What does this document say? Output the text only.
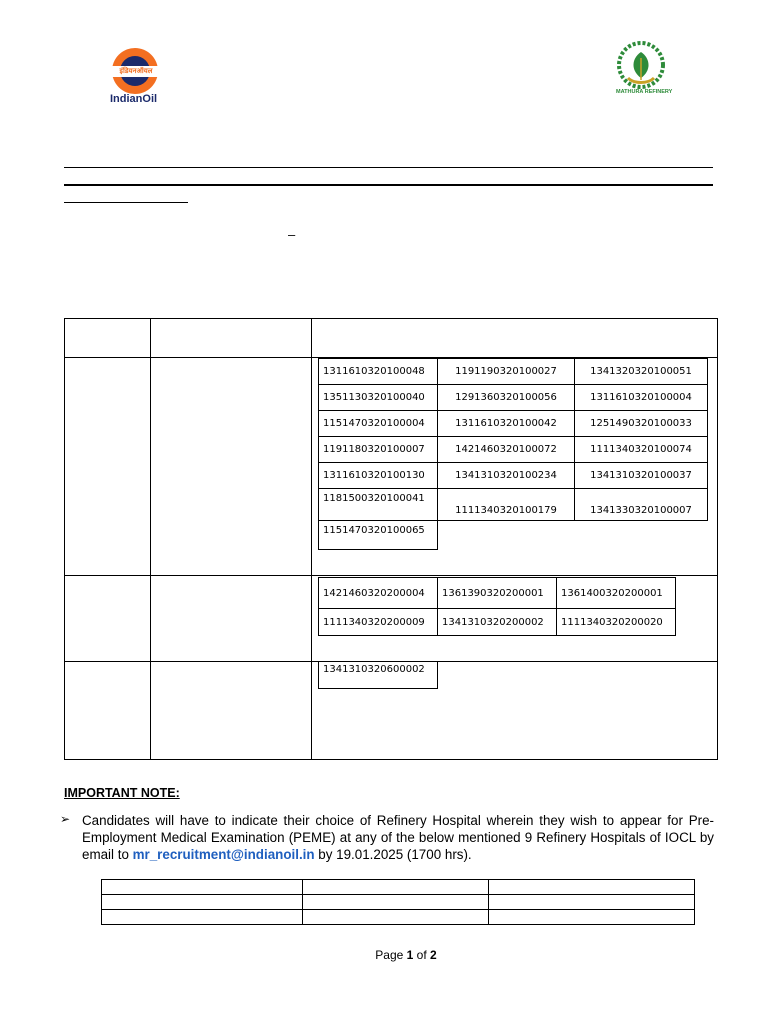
इंडियनऑयल
IndianOil
MATHURA REFINERY
–
1311610320100048	1191190320100027	1341320320100051
1351130320100040	1291360320100056	1311610320100004
1151470320100004	1311610320100042	1251490320100033
1191180320100007	1421460320100072	1111340320100074
1311610320100130	1341310320100234	1341310320100037
1181500320100041	1111340320100179	1341330320100007
1151470320100065		
1421460320200004	1361390320200001	1361400320200001
1111340320200009	1341310320200002	1111340320200020
1341310320600002
IMPORTANT NOTE:
➢ Candidates will have to indicate their choice of Refinery Hospital wherein they wish to appear for Pre-Employment Medical Examination (PEME) at any of the below mentioned 9 Refinery Hospitals of IOCL by email to mr_recruitment@indianoil.in by 19.01.2025 (1700 hrs).

Page 1 of 2
